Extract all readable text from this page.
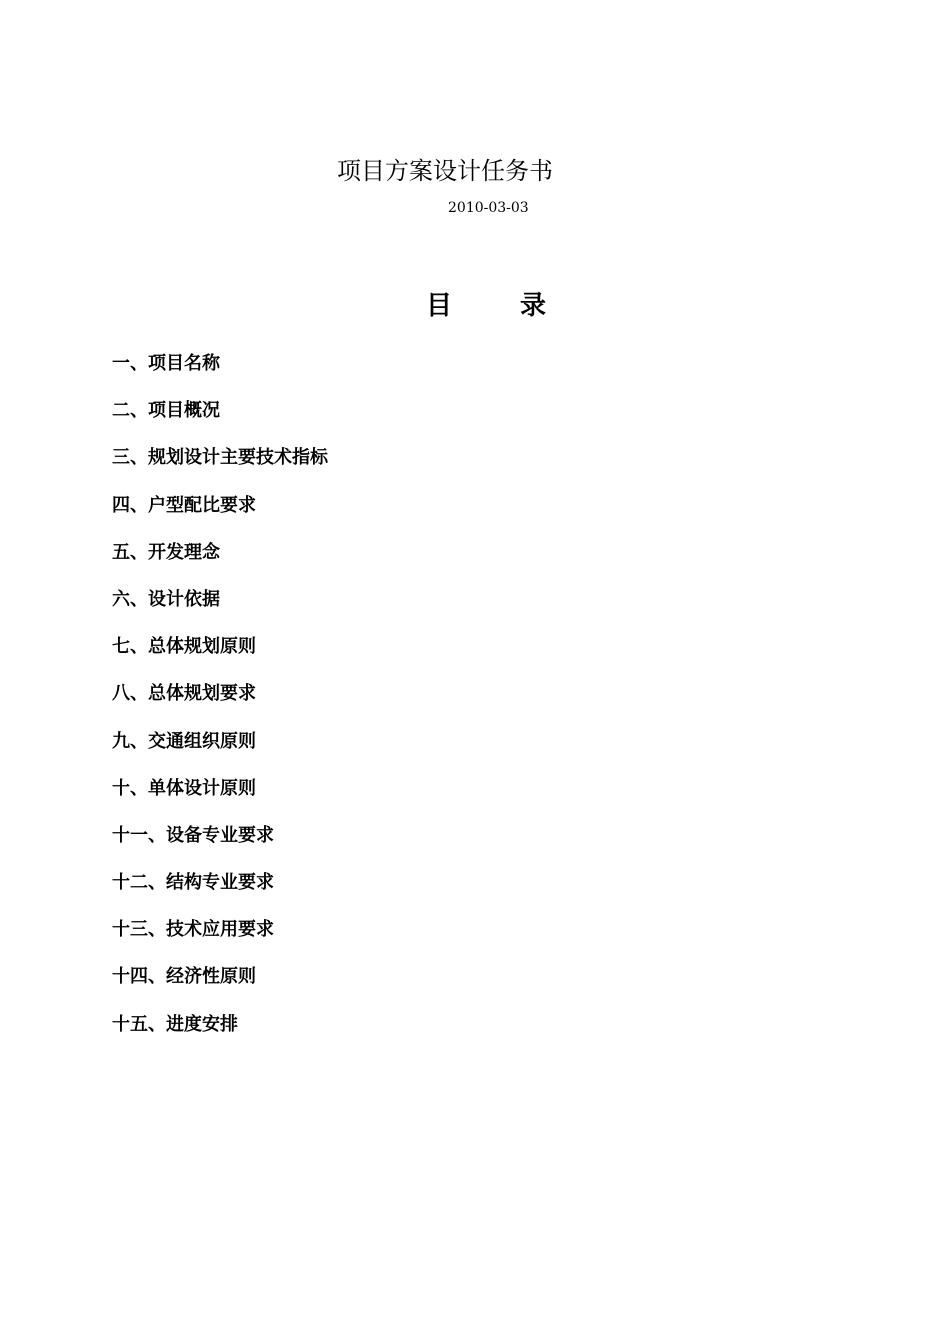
项目方案设计任务书
2010-03-03
目录
一、项目名称
二、项目概况
三、规划设计主要技术指标
四、户型配比要求
五、开发理念
六、设计依据
七、总体规划原则
八、总体规划要求
九、交通组织原则
十、单体设计原则
十一、设备专业要求
十二、结构专业要求
十三、技术应用要求
十四、经济性原则
十五、进度安排
